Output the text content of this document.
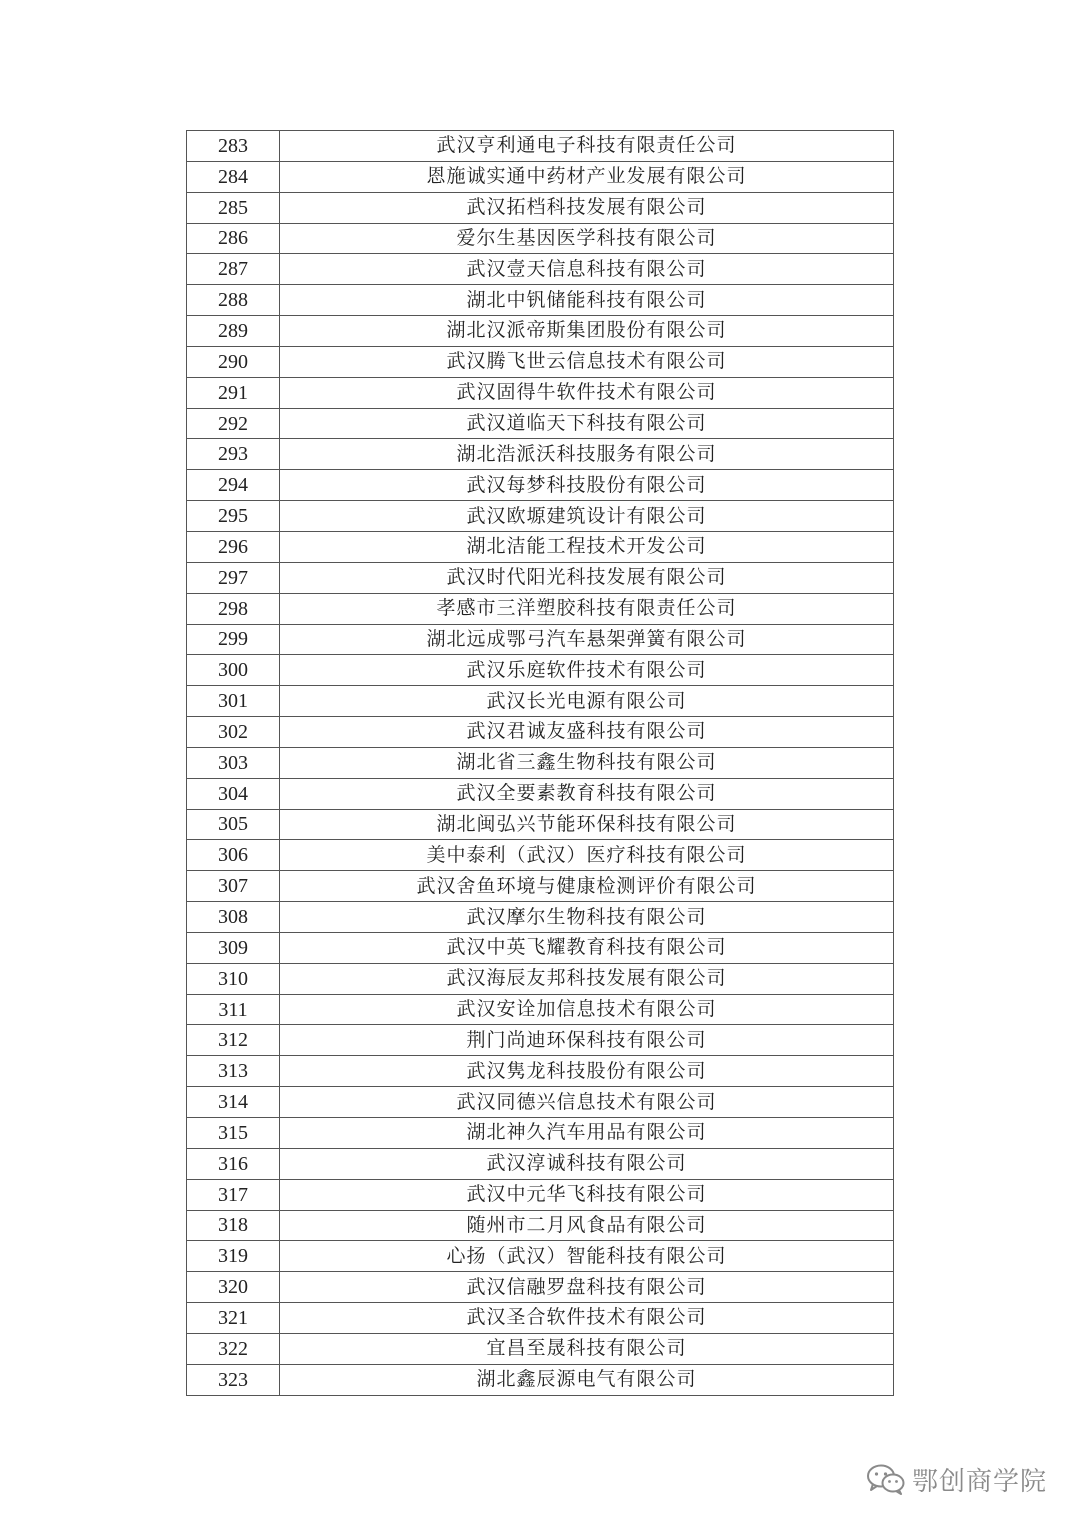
283	武汉亨利通电子科技有限责任公司
284	恩施诚实通中药材产业发展有限公司
285	武汉拓档科技发展有限公司
286	爱尔生基因医学科技有限公司
287	武汉壹天信息科技有限公司
288	湖北中钒储能科技有限公司
289	湖北汉派帝斯集团股份有限公司
290	武汉腾飞世云信息技术有限公司
291	武汉固得牛软件技术有限公司
292	武汉道临天下科技有限公司
293	湖北浩派沃科技服务有限公司
294	武汉每梦科技股份有限公司
295	武汉欧塬建筑设计有限公司
296	湖北洁能工程技术开发公司
297	武汉时代阳光科技发展有限公司
298	孝感市三洋塑胶科技有限责任公司
299	湖北远成鄂弓汽车悬架弹簧有限公司
300	武汉乐庭软件技术有限公司
301	武汉长光电源有限公司
302	武汉君诚友盛科技有限公司
303	湖北省三鑫生物科技有限公司
304	武汉全要素教育科技有限公司
305	湖北闽弘兴节能环保科技有限公司
306	美中泰利（武汉）医疗科技有限公司
307	武汉舍鱼环境与健康检测评价有限公司
308	武汉摩尔生物科技有限公司
309	武汉中英飞耀教育科技有限公司
310	武汉海辰友邦科技发展有限公司
311	武汉安诠加信息技术有限公司
312	荆门尚迪环保科技有限公司
313	武汉隽龙科技股份有限公司
314	武汉同德兴信息技术有限公司
315	湖北神久汽车用品有限公司
316	武汉淳诚科技有限公司
317	武汉中元华飞科技有限公司
318	随州市二月风食品有限公司
319	心扬（武汉）智能科技有限公司
320	武汉信融罗盘科技有限公司
321	武汉圣合软件技术有限公司
322	宜昌至晟科技有限公司
323	湖北鑫辰源电气有限公司
鄂创商学院
